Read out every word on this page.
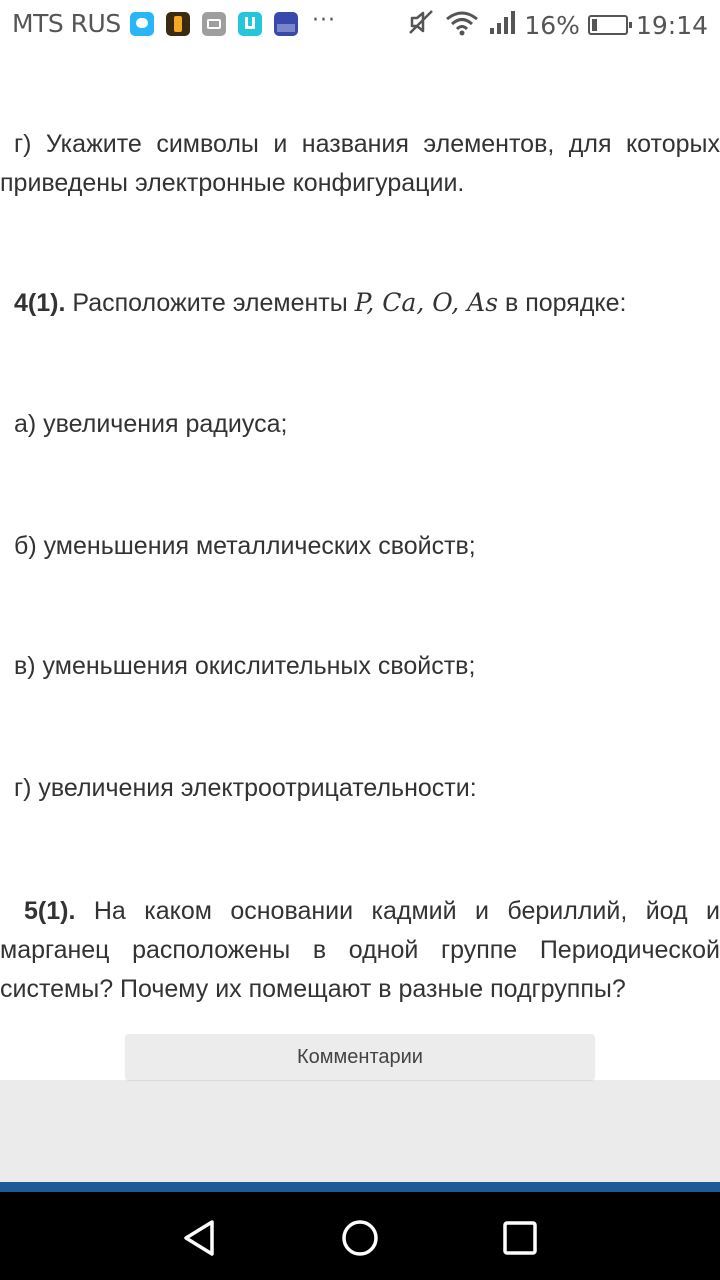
MTS RUS	···	16% 19:14

г) Укажите символы и названия элементов, для которых приведены электронные конфигурации.

4(1). Расположите элементы P, Ca, O, As в порядке:

а) увеличения радиуса;

б) уменьшения металлических свойств;

в) уменьшения окислительных свойств;

г) увеличения электроотрицательности:

5(1). На каком основании кадмий и бериллий, йод и марганец расположены в одной группе Периодической системы? Почему их помещают в разные подгруппы?

Комментарии
